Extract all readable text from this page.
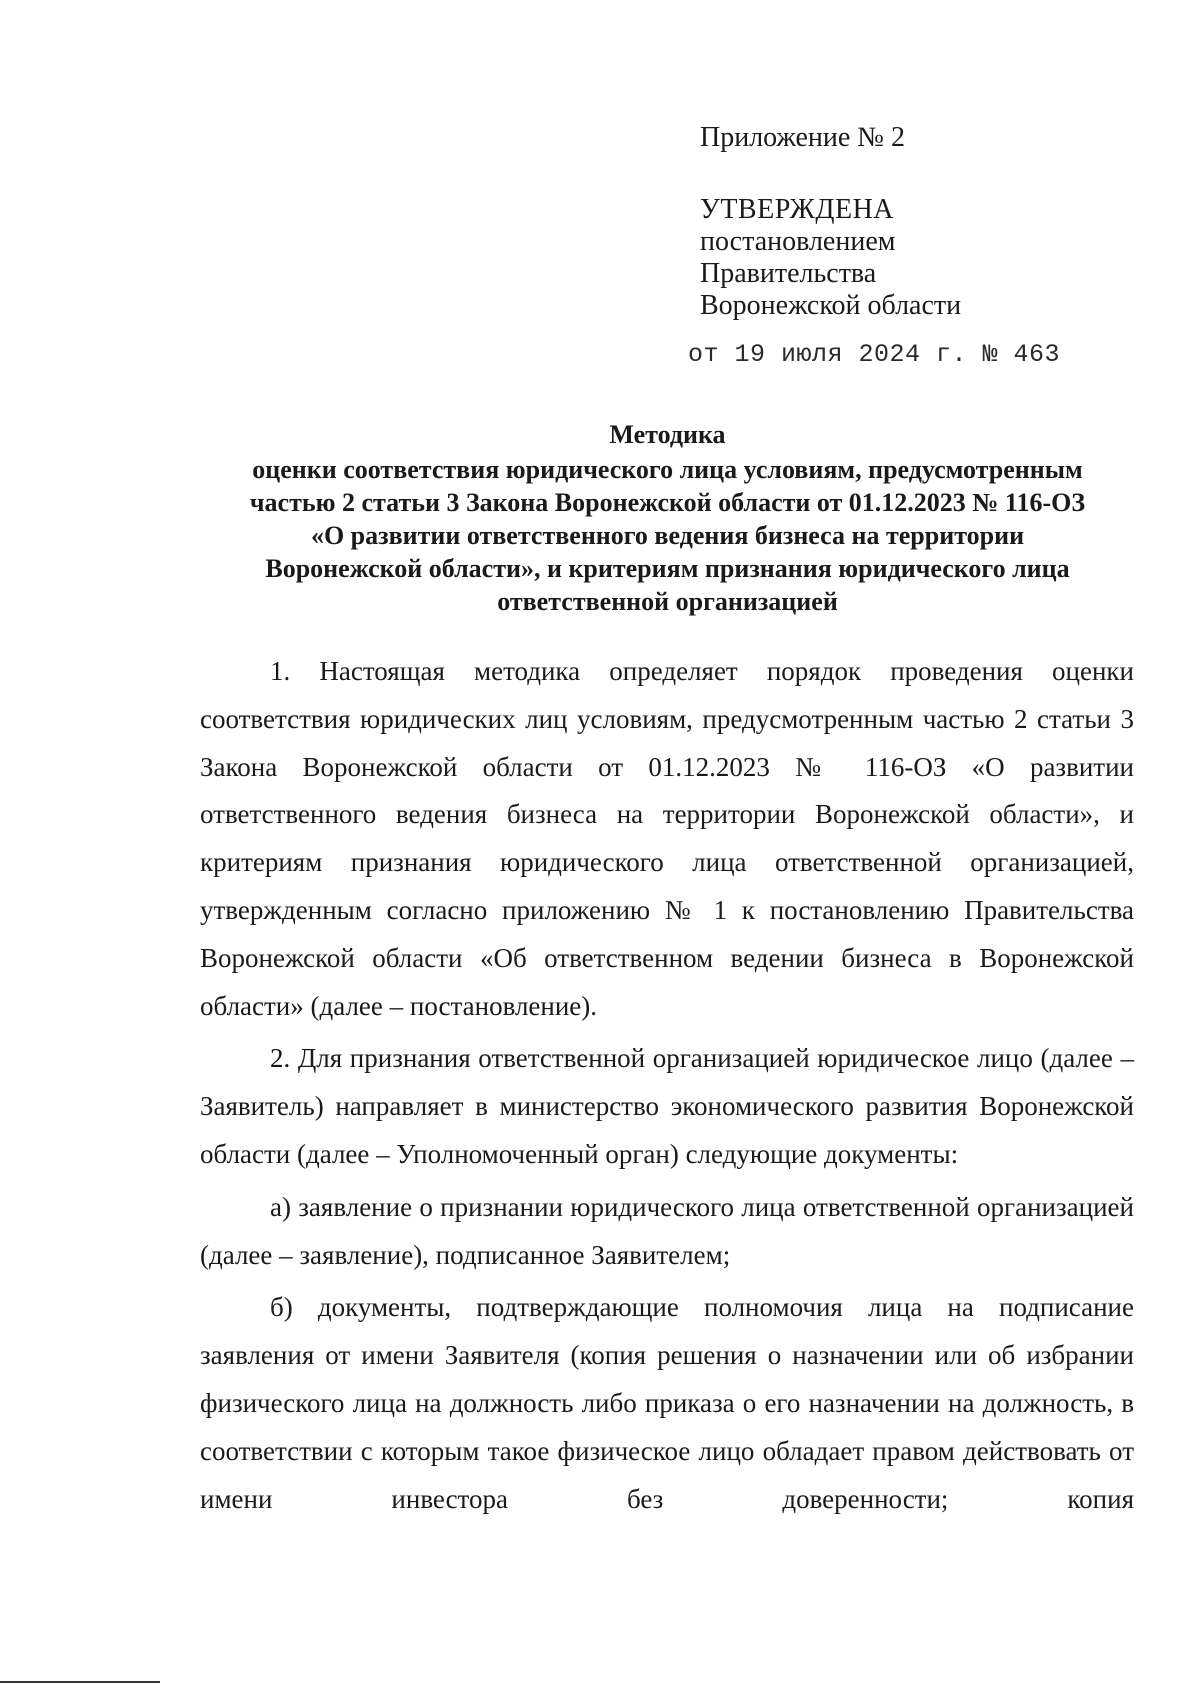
Приложение № 2
УТВЕРЖДЕНА
постановлением
Правительства
Воронежской области
от 19 июля 2024 г. № 463
Методика
оценки соответствия юридического лица условиям, предусмотренным
частью 2 статьи 3 Закона Воронежской области от 01.12.2023 № 116-ОЗ
«О развитии ответственного ведения бизнеса на территории
Воронежской области», и критериям признания юридического лица
ответственной организацией

1. Настоящая методика определяет порядок проведения оценки соответствия юридических лиц условиям, предусмотренным частью 2 статьи 3 Закона Воронежской области от 01.12.2023 № 116-ОЗ «О развитии ответственного ведения бизнеса на территории Воронежской области», и критериям признания юридического лица ответственной организацией, утвержденным согласно приложению № 1 к постановлению Правительства Воронежской области «Об ответственном ведении бизнеса в Воронежской области» (далее – постановление).

2. Для признания ответственной организацией юридическое лицо (далее – Заявитель) направляет в министерство экономического развития Воронежской области (далее – Уполномоченный орган) следующие документы:

а) заявление о признании юридического лица ответственной организацией (далее – заявление), подписанное Заявителем;

б) документы, подтверждающие полномочия лица на подписание заявления от имени Заявителя (копия решения о назначении или об избрании физического лица на должность либо приказа о его назначении на должность, в соответствии с которым такое физическое лицо обладает правом действовать от имени инвестора без доверенности; копия
